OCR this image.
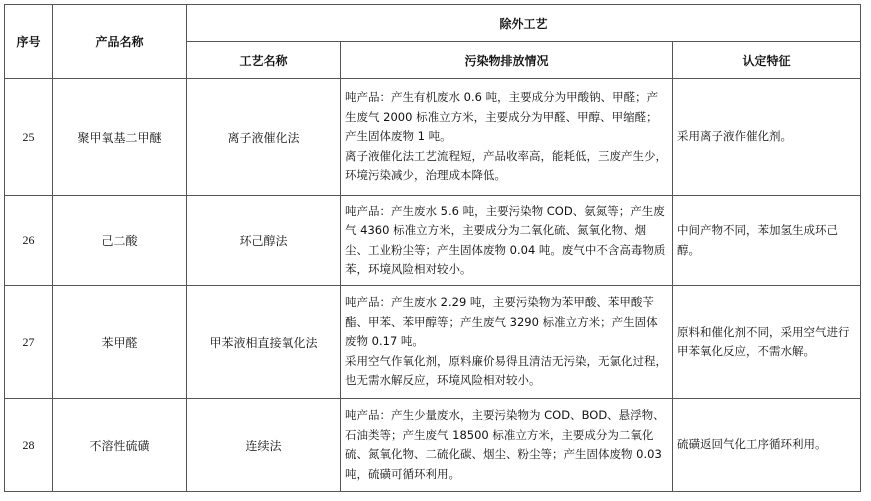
序号	产品名称	除外工艺		
		工艺名称	污染物排放情况	认定特征
25	聚甲氧基二甲醚	离子液催化法	吨产品：产生有机废水 0.6 吨，主要成分为甲酸钠、甲醛；产生废气 2000 标准立方米，主要成分为甲醛、甲醇、甲缩醛；产生固体废物 1 吨。
离子液催化法工艺流程短，产品收率高，能耗低，三废产生少，环境污染减少，治理成本降低。	采用离子液作催化剂。
26	己二酸	环己醇法	吨产品：产生废水 5.6 吨，主要污染物 COD、氨氮等；产生废气 4360 标准立方米，主要成分为二氧化硫、氮氧化物、烟尘、工业粉尘等；产生固体废物 0.04 吨。废气中不含高毒物质苯，环境风险相对较小。	中间产物不同，苯加氢生成环己醇。
27	苯甲醛	甲苯液相直接氧化法	吨产品：产生废水 2.29 吨，主要污染物为苯甲酸、苯甲酸苄酯、甲苯、苯甲醇等；产生废气 3290 标准立方米；产生固体废物 0.17 吨。
采用空气作氧化剂，原料廉价易得且清洁无污染，无氯化过程，也无需水解反应，环境风险相对较小。	原料和催化剂不同，采用空气进行甲苯氧化反应，不需水解。
28	不溶性硫磺	连续法	吨产品：产生少量废水，主要污染物为 COD、BOD、悬浮物、石油类等；产生废气 18500 标准立方米，主要成分为二氧化硫、氮氧化物、二硫化碳、烟尘、粉尘等；产生固体废物 0.03 吨，硫磺可循环利用。	硫磺返回气化工序循环利用。
